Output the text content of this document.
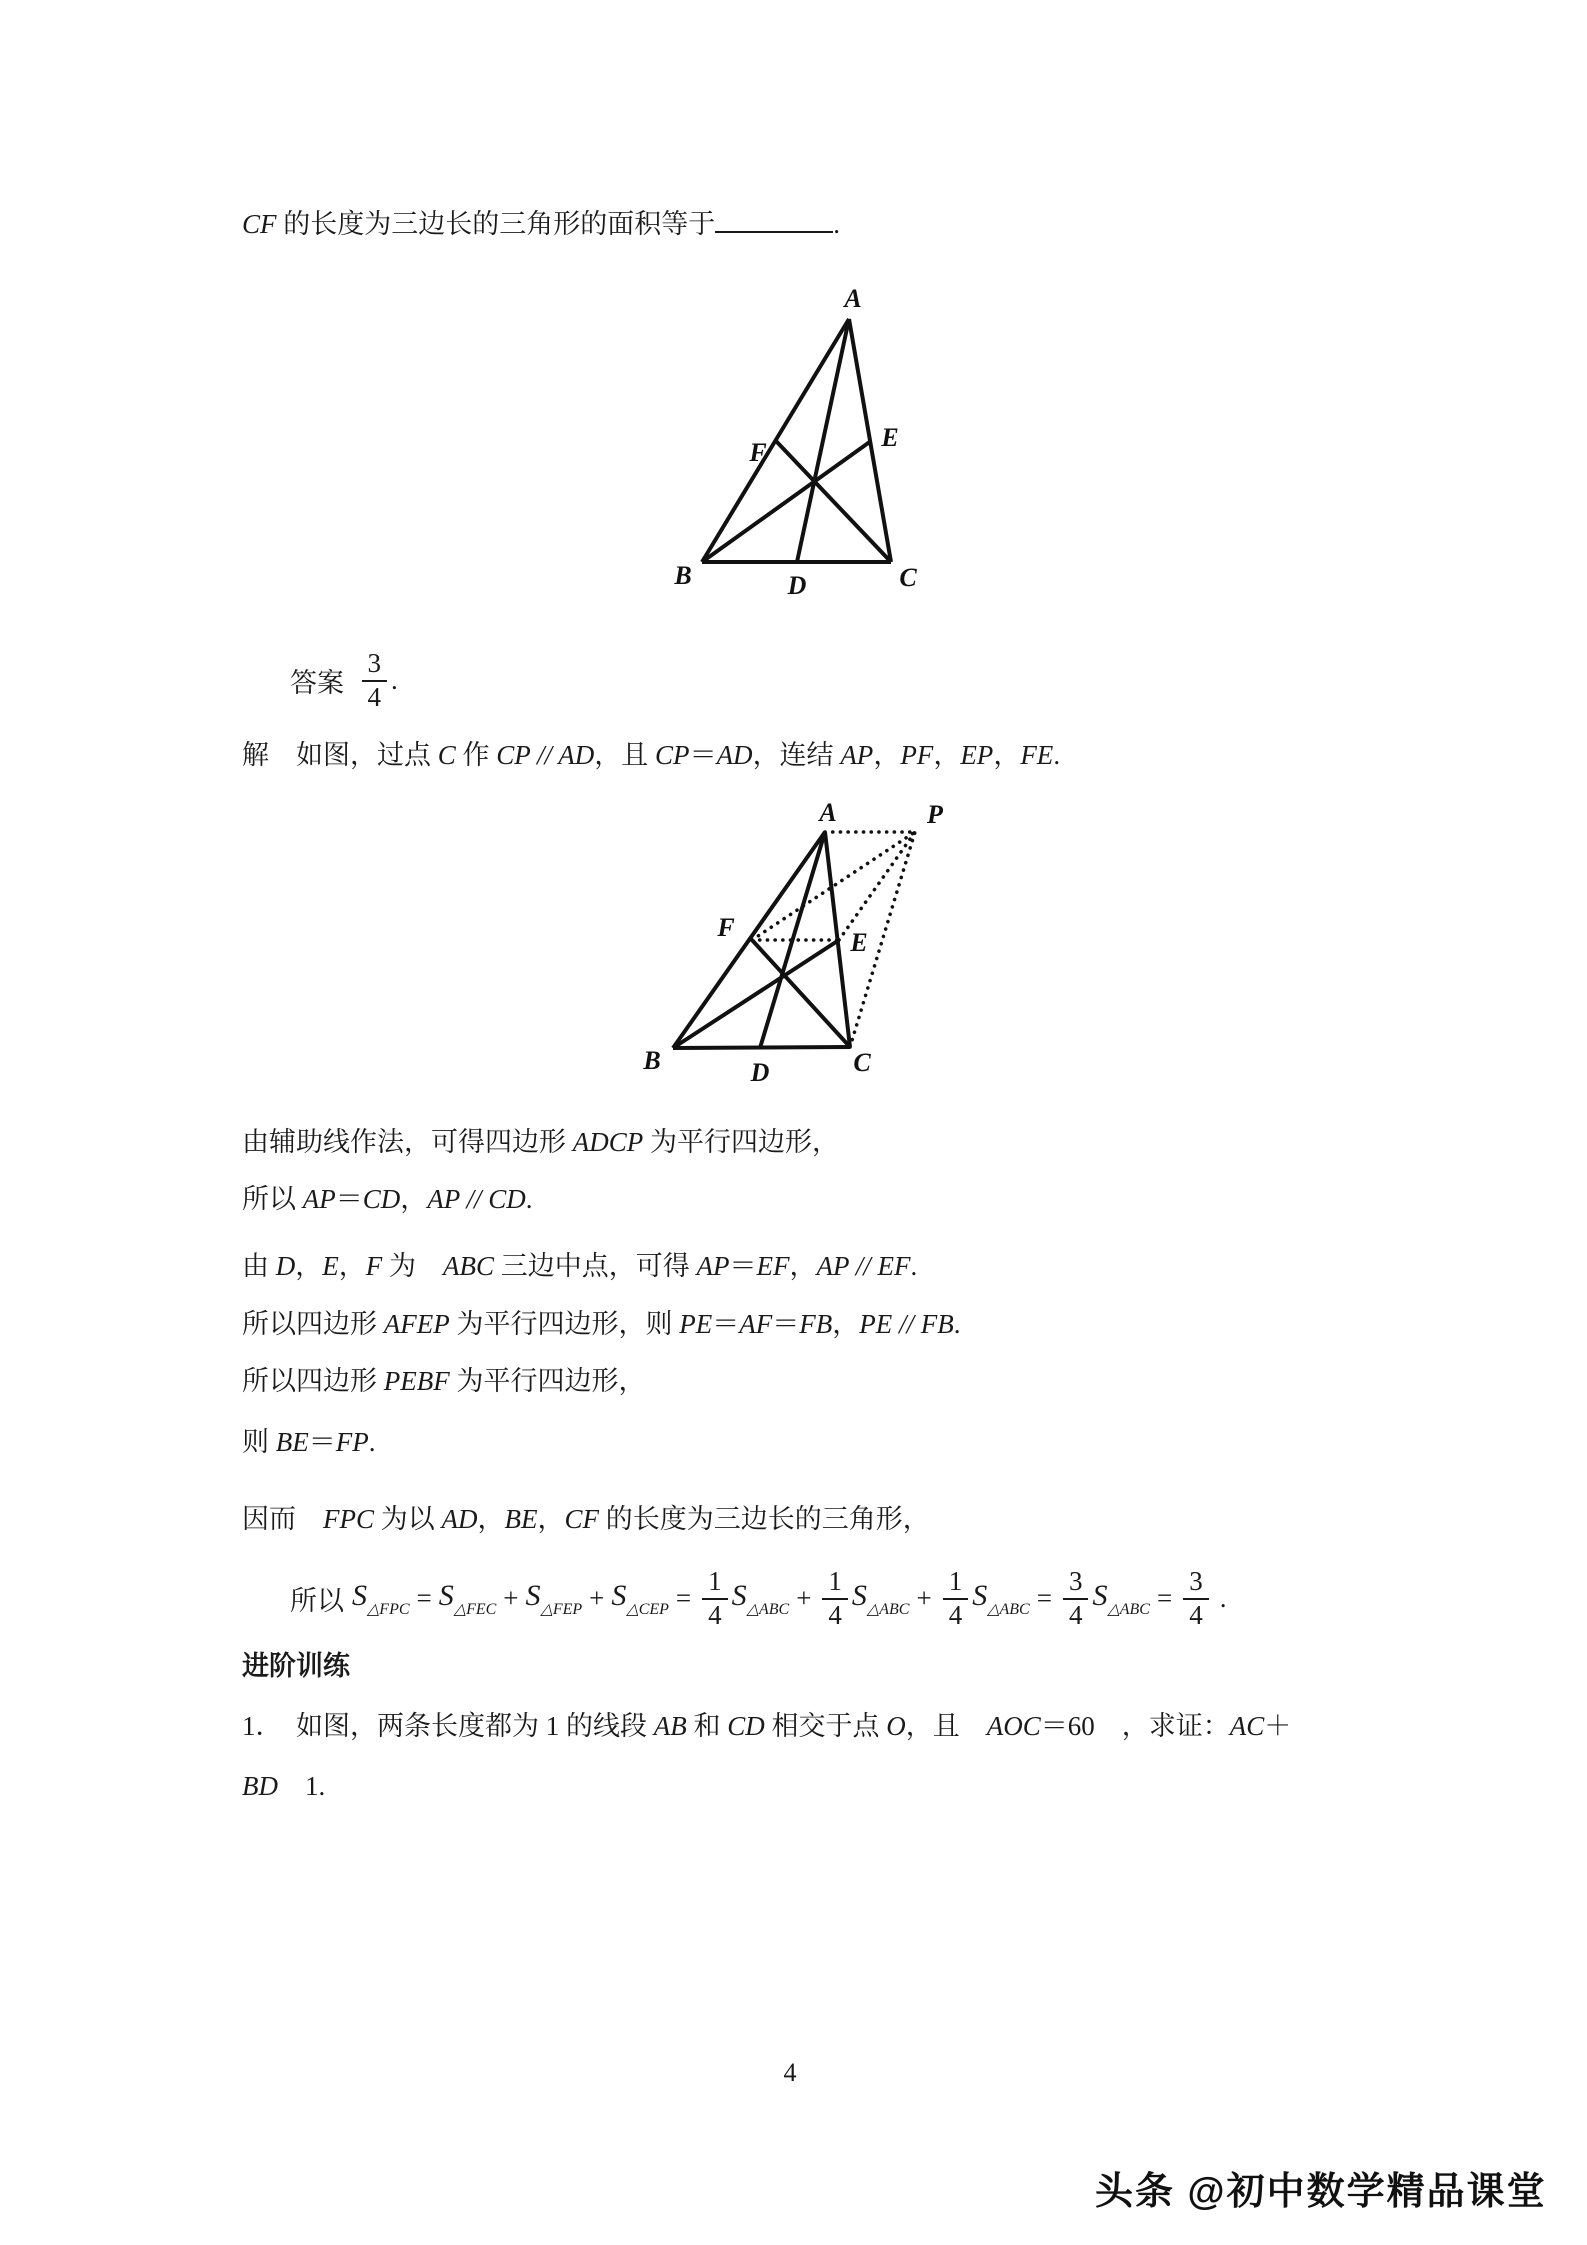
CF 的长度为三边长的三角形的面积等于	.
A
B	C
D
E
F
答案
$\frac{3}{4}$ .
解　如图，过点 C 作 CP // AD，且 CP＝AD，连结 AP，PF，EP，FE.
A	P
B	C
D
E
F
由辅助线作法，可得四边形 ADCP 为平行四边形，
所以 AP＝CD，AP // CD.
由 D，E，F 为　ABC 三边中点，可得 AP＝EF，AP // EF.
所以四边形 AFEP 为平行四边形，则 PE＝AF＝FB，PE // FB.
所以四边形 PEBF 为平行四边形，
则 BE＝FP.
因而　FPC 为以 AD，BE，CF 的长度为三边长的三角形，
所以 $S_{\triangle FPC} = S_{\triangle FEC} + S_{\triangle FEP} + S_{\triangle CEP} = \frac{1}{4} S_{\triangle ABC} + \frac{1}{4} S_{\triangle ABC} + \frac{1}{4} S_{\triangle ABC} = \frac{3}{4} S_{\triangle ABC} = \frac{3}{4}$ .
进阶训练
1．　如图，两条长度都为 1 的线段 AB 和 CD 相交于点 O，且　AOC＝60　，求证：AC＋
BD　1.
4
头条 @初中数学精品课堂
